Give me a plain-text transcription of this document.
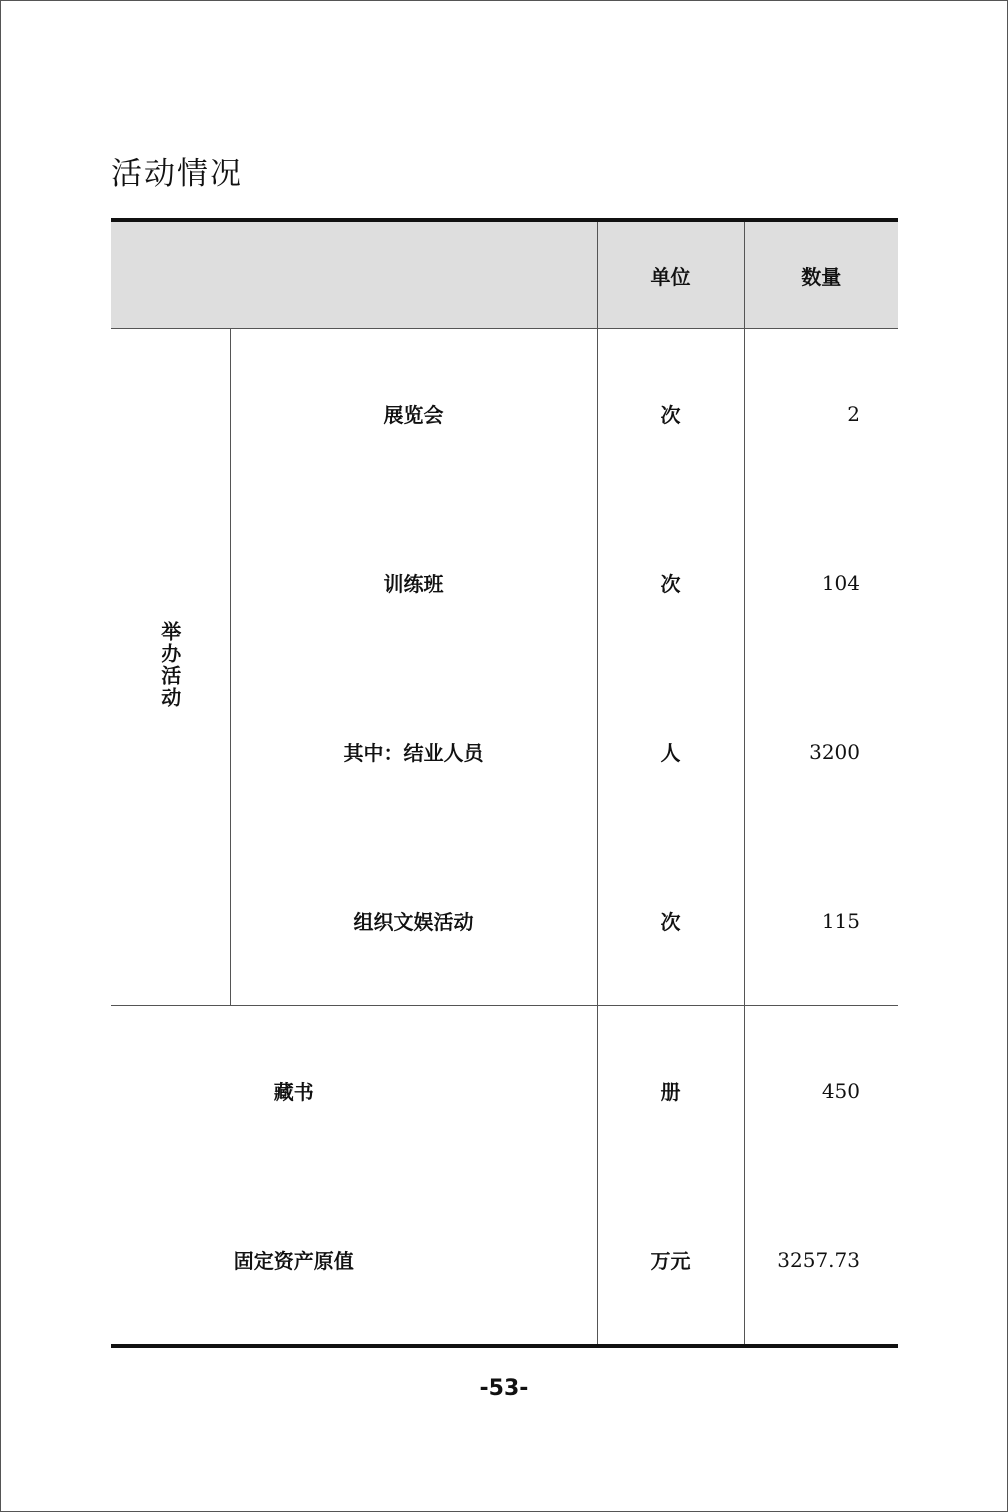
活动情况
		单位	数量
举办活动	展览会	次	2
	训练班	次	104
	其中：结业人员	人	3200
	组织文娱活动	次	115
藏书		册	450
固定资产原值		万元	3257.73
-53-
